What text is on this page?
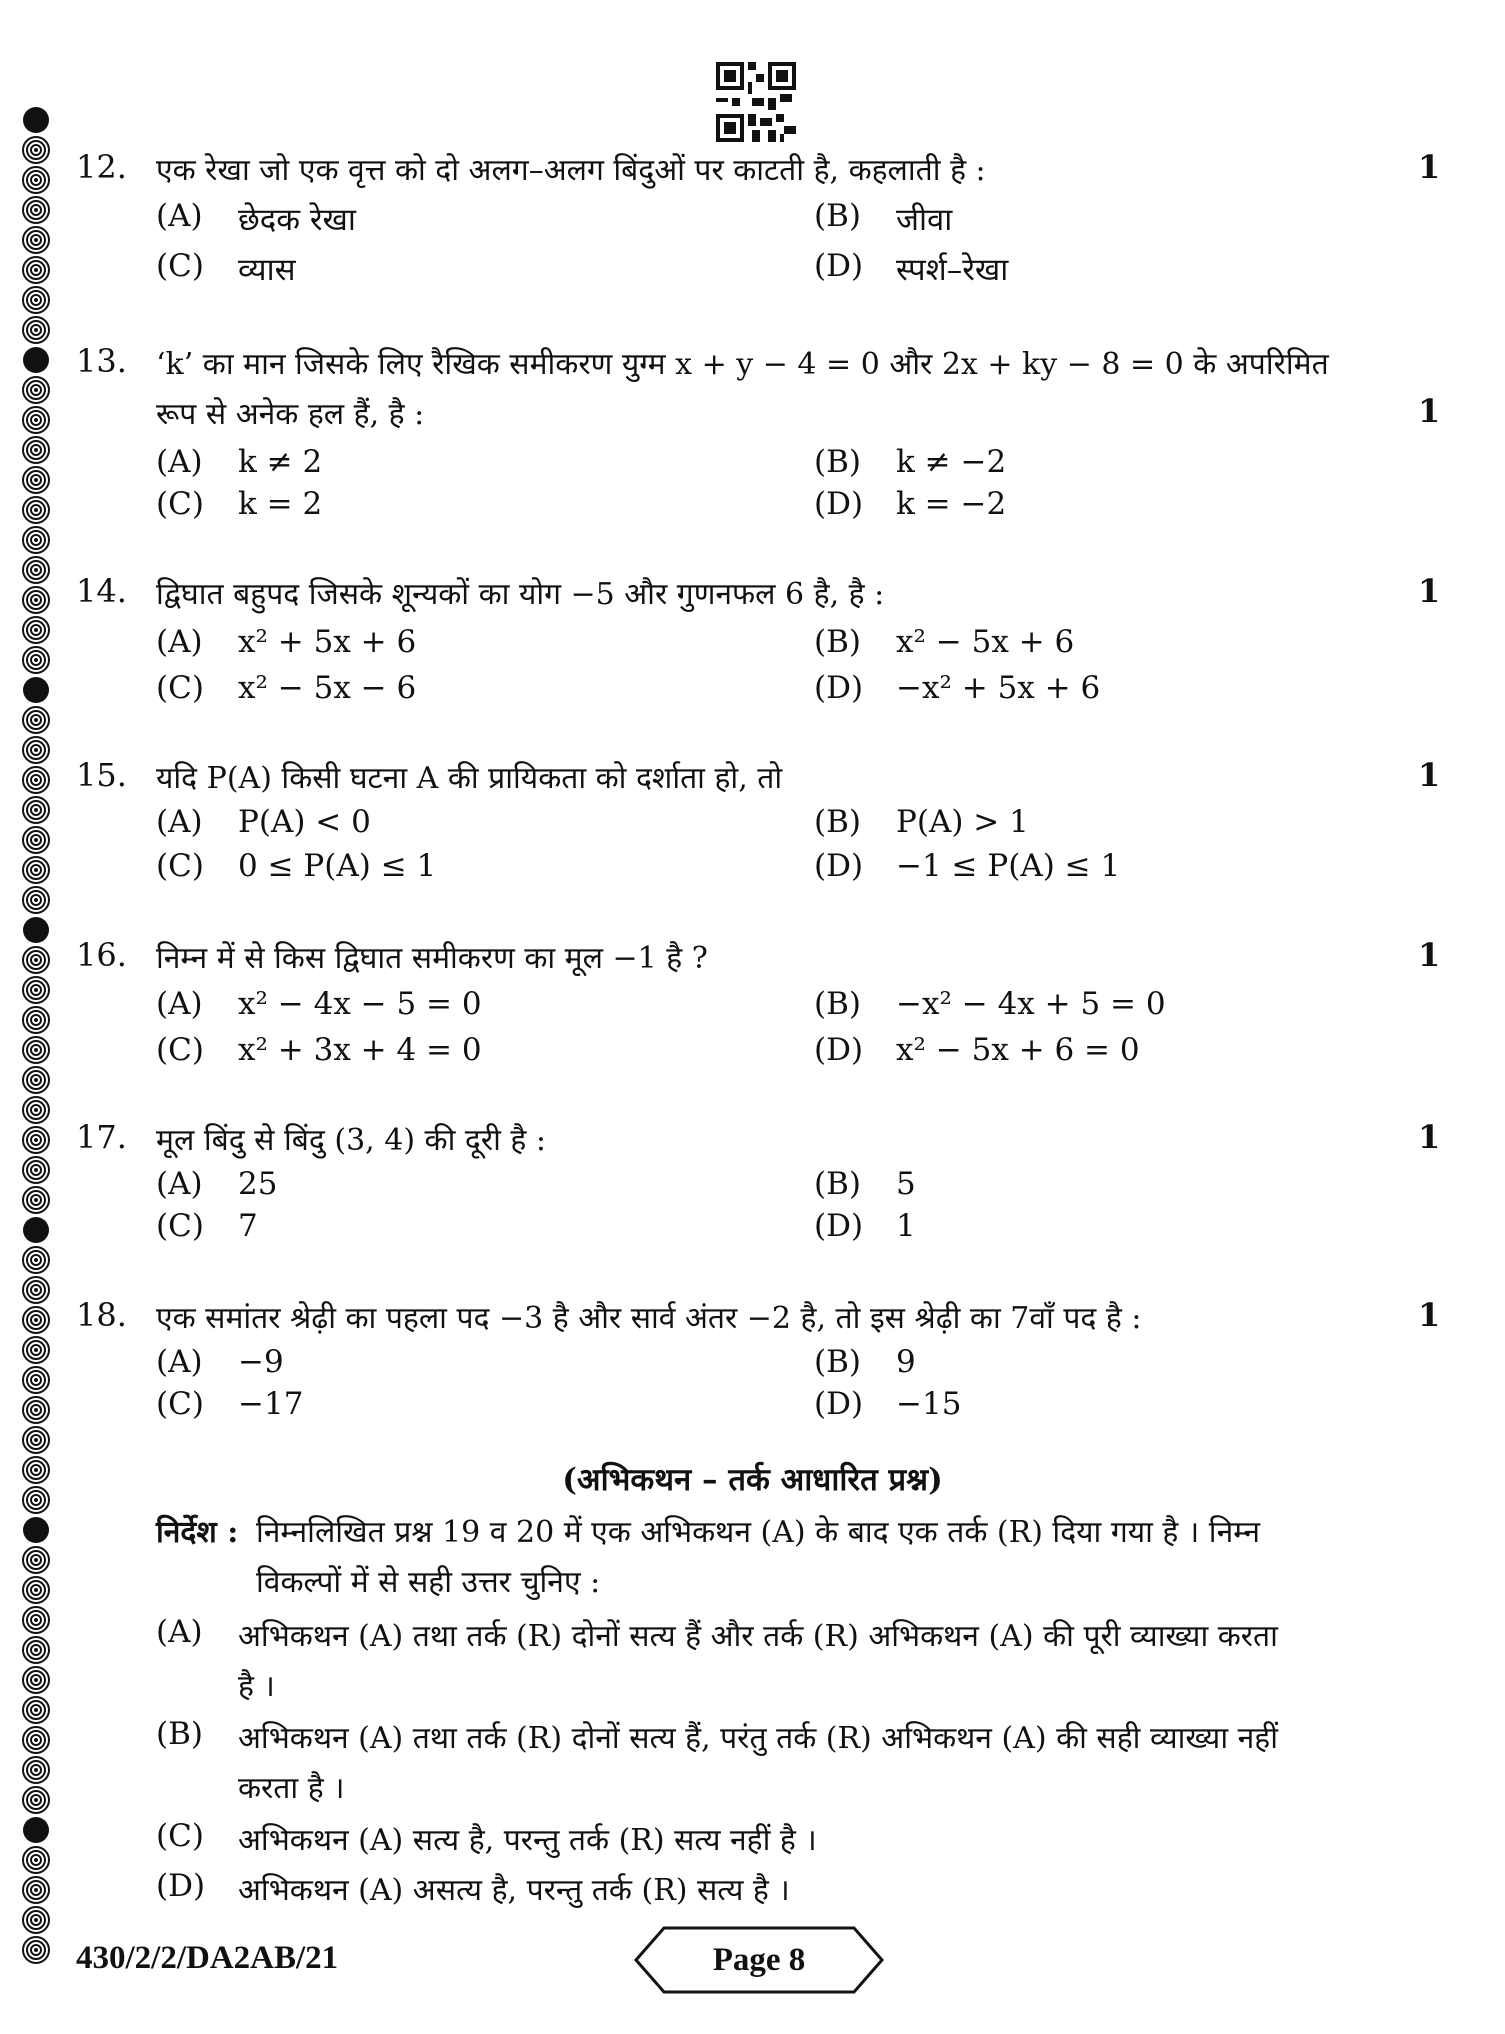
12. एक रेखा जो एक वृत्त को दो अलग–अलग बिंदुओं पर काटती है, कहलाती है :	1
(A) छेदक रेखा	(B) जीवा
(C) व्यास	(D) स्पर्श–रेखा
13. ‘k’ का मान जिसके लिए रैखिक समीकरण युग्म x + y − 4 = 0 और 2x + ky − 8 = 0 के अपरिमित
रूप से अनेक हल हैं, है :	1
(A) k ≠ 2	(B) k ≠ −2
(C) k = 2	(D) k = −2
14. द्विघात बहुपद जिसके शून्यकों का योग −5 और गुणनफल 6 है, है :	1
(A) x² + 5x + 6	(B) x² − 5x + 6
(C) x² − 5x − 6	(D) −x² + 5x + 6
15. यदि P(A) किसी घटना A की प्रायिकता को दर्शाता हो, तो	1
(A) P(A) < 0	(B) P(A) > 1
(C) 0 ≤ P(A) ≤ 1	(D) −1 ≤ P(A) ≤ 1
16. निम्न में से किस द्विघात समीकरण का मूल −1 है ?	1
(A) x² − 4x − 5 = 0	(B) −x² − 4x + 5 = 0
(C) x² + 3x + 4 = 0	(D) x² − 5x + 6 = 0
17. मूल बिंदु से बिंदु (3, 4) की दूरी है :	1
(A) 25	(B) 5
(C) 7	(D) 1
18. एक समांतर श्रेढ़ी का पहला पद −3 है और सार्व अंतर −2 है, तो इस श्रेढ़ी का 7वाँ पद है :	1
(A) −9	(B) 9
(C) −17	(D) −15
(अभिकथन – तर्क आधारित प्रश्न)
निर्देश : निम्नलिखित प्रश्न 19 व 20 में एक अभिकथन (A) के बाद एक तर्क (R) दिया गया है । निम्न
विकल्पों में से सही उत्तर चुनिए :
(A) अभिकथन (A) तथा तर्क (R) दोनों सत्य हैं और तर्क (R) अभिकथन (A) की पूरी व्याख्या करता
है ।
(B) अभिकथन (A) तथा तर्क (R) दोनों सत्य हैं, परंतु तर्क (R) अभिकथन (A) की सही व्याख्या नहीं
करता है ।
(C) अभिकथन (A) सत्य है, परन्तु तर्क (R) सत्य नहीं है ।
(D) अभिकथन (A) असत्य है, परन्तु तर्क (R) सत्य है ।
430/2/2/DA2AB/21	Page 8
